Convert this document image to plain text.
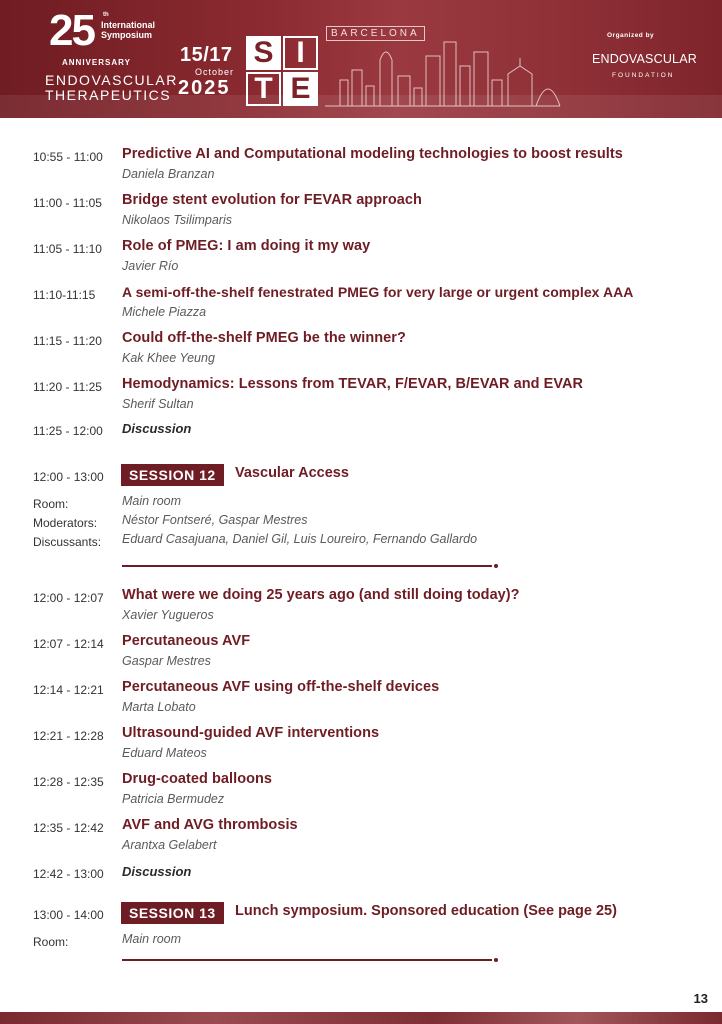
25 th
International Symposium
ANNIVERSARY
ENDOVASCULAR
THERAPEUTICS
15/17
October
2025
S I
T E
BARCELONA	Organized by
ENDOVASCULAR
FOUNDATION
10:55 - 11:00 Predictive AI and Computational modeling technologies to boost results
Daniela Branzan
11:00 - 11:05 Bridge stent evolution for FEVAR approach
Nikolaos Tsilimparis
11:05 - 11:10 Role of PMEG: I am doing it my way
Javier Río
11:10-11:15 A semi-off-the-shelf fenestrated PMEG for very large or urgent complex AAA
Michele Piazza
11:15 - 11:20 Could off-the-shelf PMEG be the winner?
Kak Khee Yeung
11:20 - 11:25 Hemodynamics: Lessons from TEVAR, F/EVAR, B/EVAR and EVAR
Sherif Sultan
11:25 - 12:00 Discussion
12:00 - 13:00	SESSION 12	Vascular Access
Room:	Main room
Moderators: Néstor Fontseré, Gaspar Mestres
Discussants: Eduard Casajuana, Daniel Gil, Luis Loureiro, Fernando Gallardo
12:00 - 12:07 What were we doing 25 years ago (and still doing today)?
Xavier Yugueros
12:07 - 12:14 Percutaneous AVF
Gaspar Mestres
12:14 - 12:21 Percutaneous AVF using off-the-shelf devices
Marta Lobato
12:21 - 12:28 Ultrasound-guided AVF interventions
Eduard Mateos
12:28 - 12:35 Drug-coated balloons
Patricia Bermudez
12:35 - 12:42 AVF and AVG thrombosis
Arantxa Gelabert
12:42 - 13:00 Discussion
13:00 - 14:00	SESSION 13	Lunch symposium. Sponsored education (See page 25)
Room:	Main room
13
